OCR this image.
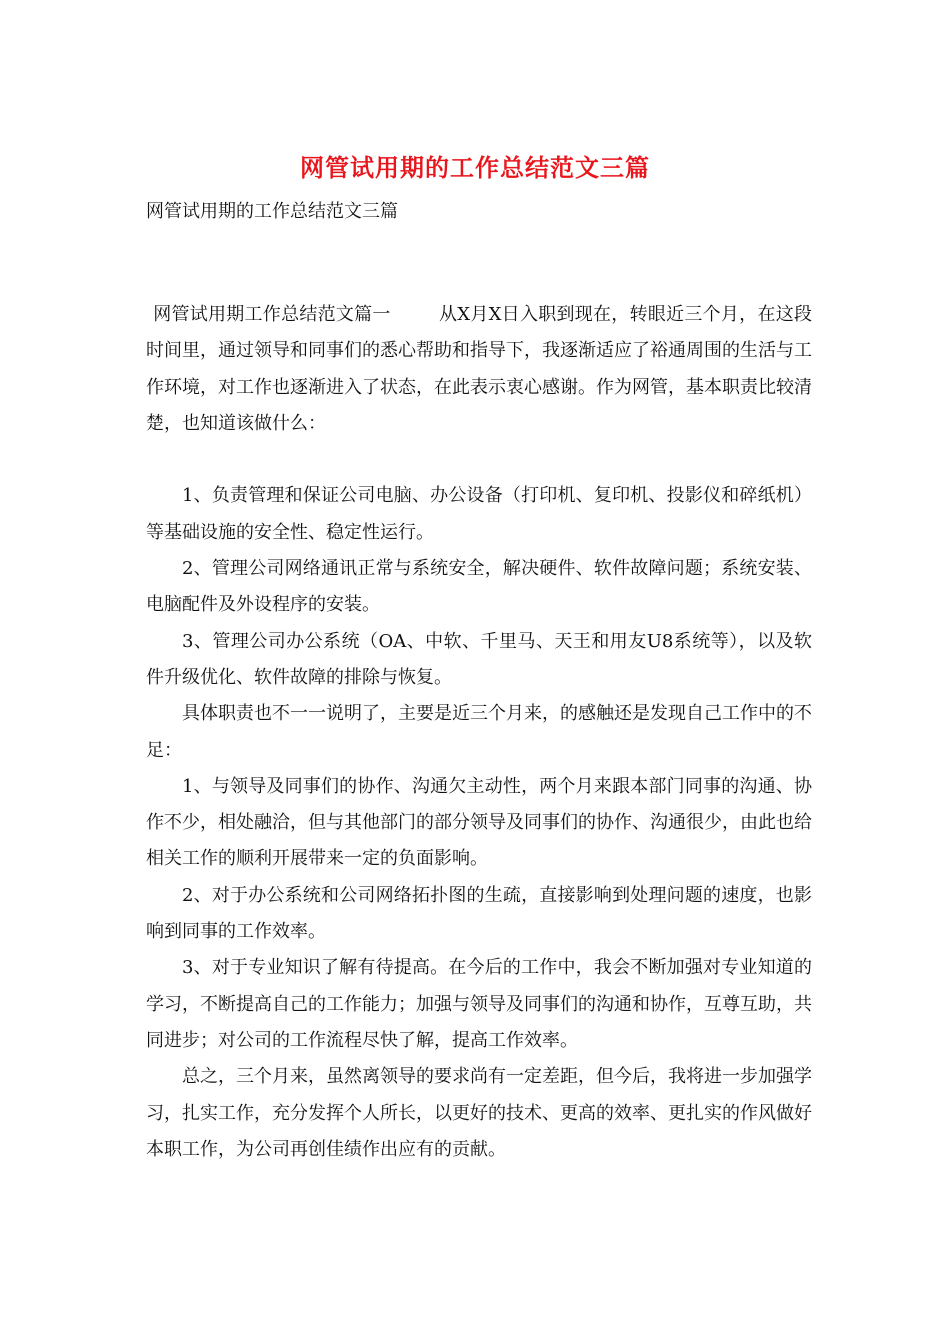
网管试用期的工作总结范文三篇
网管试用期的工作总结范文三篇

网管试用期工作总结范文篇一	从X月X日入职到现在，转眼近三个月，在这段时间里，通过领导和同事们的悉心帮助和指导下，我逐渐适应了裕通周围的生活与工作环境，对工作也逐渐进入了状态，在此表示衷心感谢。作为网管，基本职责比较清楚，也知道该做什么：

1、负责管理和保证公司电脑、办公设备（打印机、复印机、投影仪和碎纸机）等基础设施的安全性、稳定性运行。

2、管理公司网络通讯正常与系统安全，解决硬件、软件故障问题；系统安装、电脑配件及外设程序的安装。

3、管理公司办公系统（OA、中软、千里马、天王和用友U8系统等），以及软件升级优化、软件故障的排除与恢复。

具体职责也不一一说明了，主要是近三个月来，的感触还是发现自己工作中的不足：

1、与领导及同事们的协作、沟通欠主动性，两个月来跟本部门同事的沟通、协作不少，相处融洽，但与其他部门的部分领导及同事们的协作、沟通很少，由此也给相关工作的顺利开展带来一定的负面影响。

2、对于办公系统和公司网络拓扑图的生疏，直接影响到处理问题的速度，也影响到同事的工作效率。

3、对于专业知识了解有待提高。在今后的工作中，我会不断加强对专业知道的学习，不断提高自己的工作能力；加强与领导及同事们的沟通和协作，互尊互助，共同进步；对公司的工作流程尽快了解，提高工作效率。

总之，三个月来，虽然离领导的要求尚有一定差距，但今后，我将进一步加强学习，扎实工作，充分发挥个人所长，以更好的技术、更高的效率、更扎实的作风做好本职工作，为公司再创佳绩作出应有的贡献。
